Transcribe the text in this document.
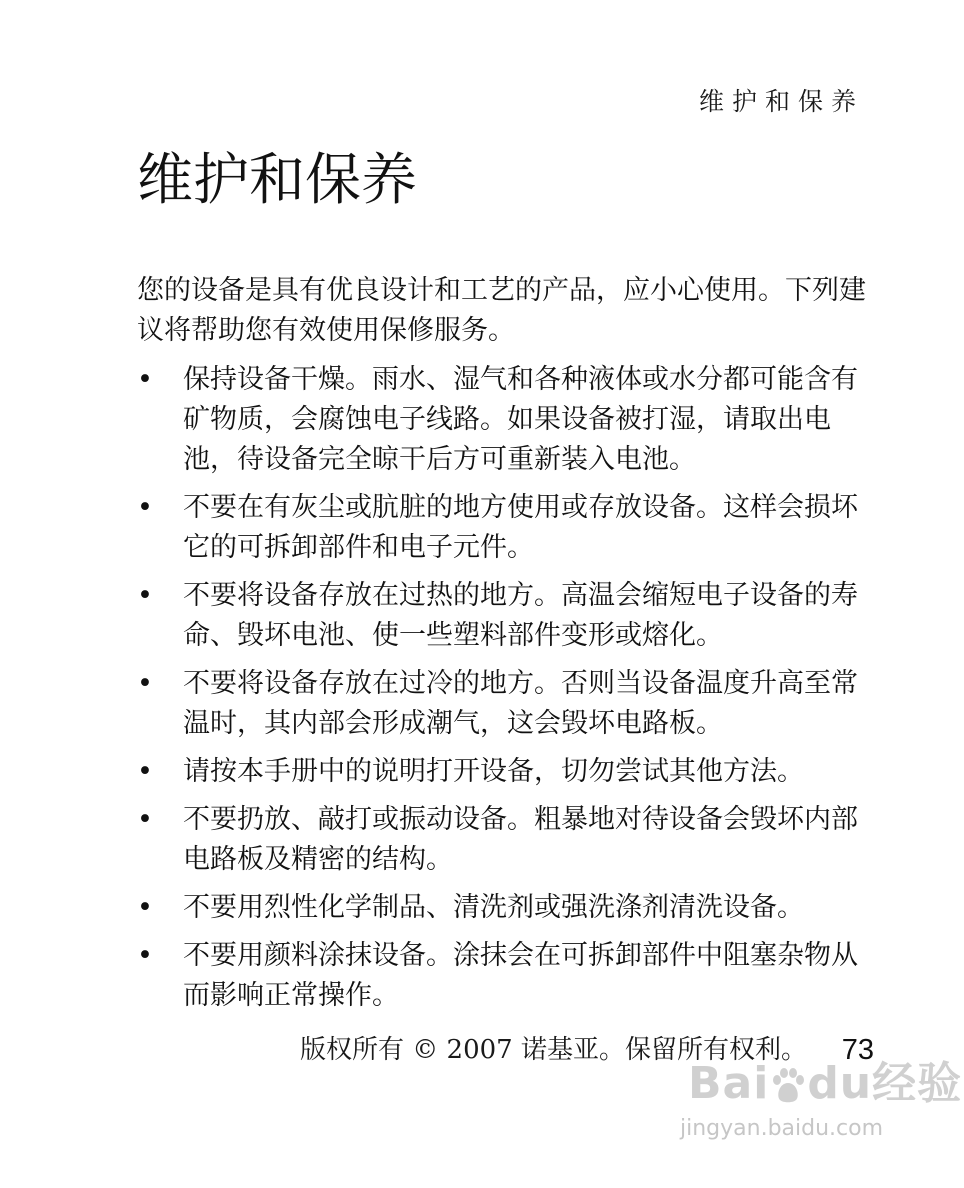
维护和保养
维护和保养

您的设备是具有优良设计和工艺的产品，应小心使用。下列建议将帮助您有效使用保修服务。

• 保持设备干燥。雨水、湿气和各种液体或水分都可能含有矿物质，会腐蚀电子线路。如果设备被打湿，请取出电池，待设备完全晾干后方可重新装入电池。
• 不要在有灰尘或肮脏的地方使用或存放设备。这样会损坏它的可拆卸部件和电子元件。
• 不要将设备存放在过热的地方。高温会缩短电子设备的寿命、毁坏电池、使一些塑料部件变形或熔化。
• 不要将设备存放在过冷的地方。否则当设备温度升高至常温时，其内部会形成潮气，这会毁坏电路板。
• 请按本手册中的说明打开设备，切勿尝试其他方法。
• 不要扔放、敲打或振动设备。粗暴地对待设备会毁坏内部电路板及精密的结构。
• 不要用烈性化学制品、清洗剂或强洗涤剂清洗设备。
• 不要用颜料涂抹设备。涂抹会在可拆卸部件中阻塞杂物从而影响正常操作。
版权所有 © 2007 诺基亚。保留所有权利。 73
Bai du经验
jingyan.baidu.com
